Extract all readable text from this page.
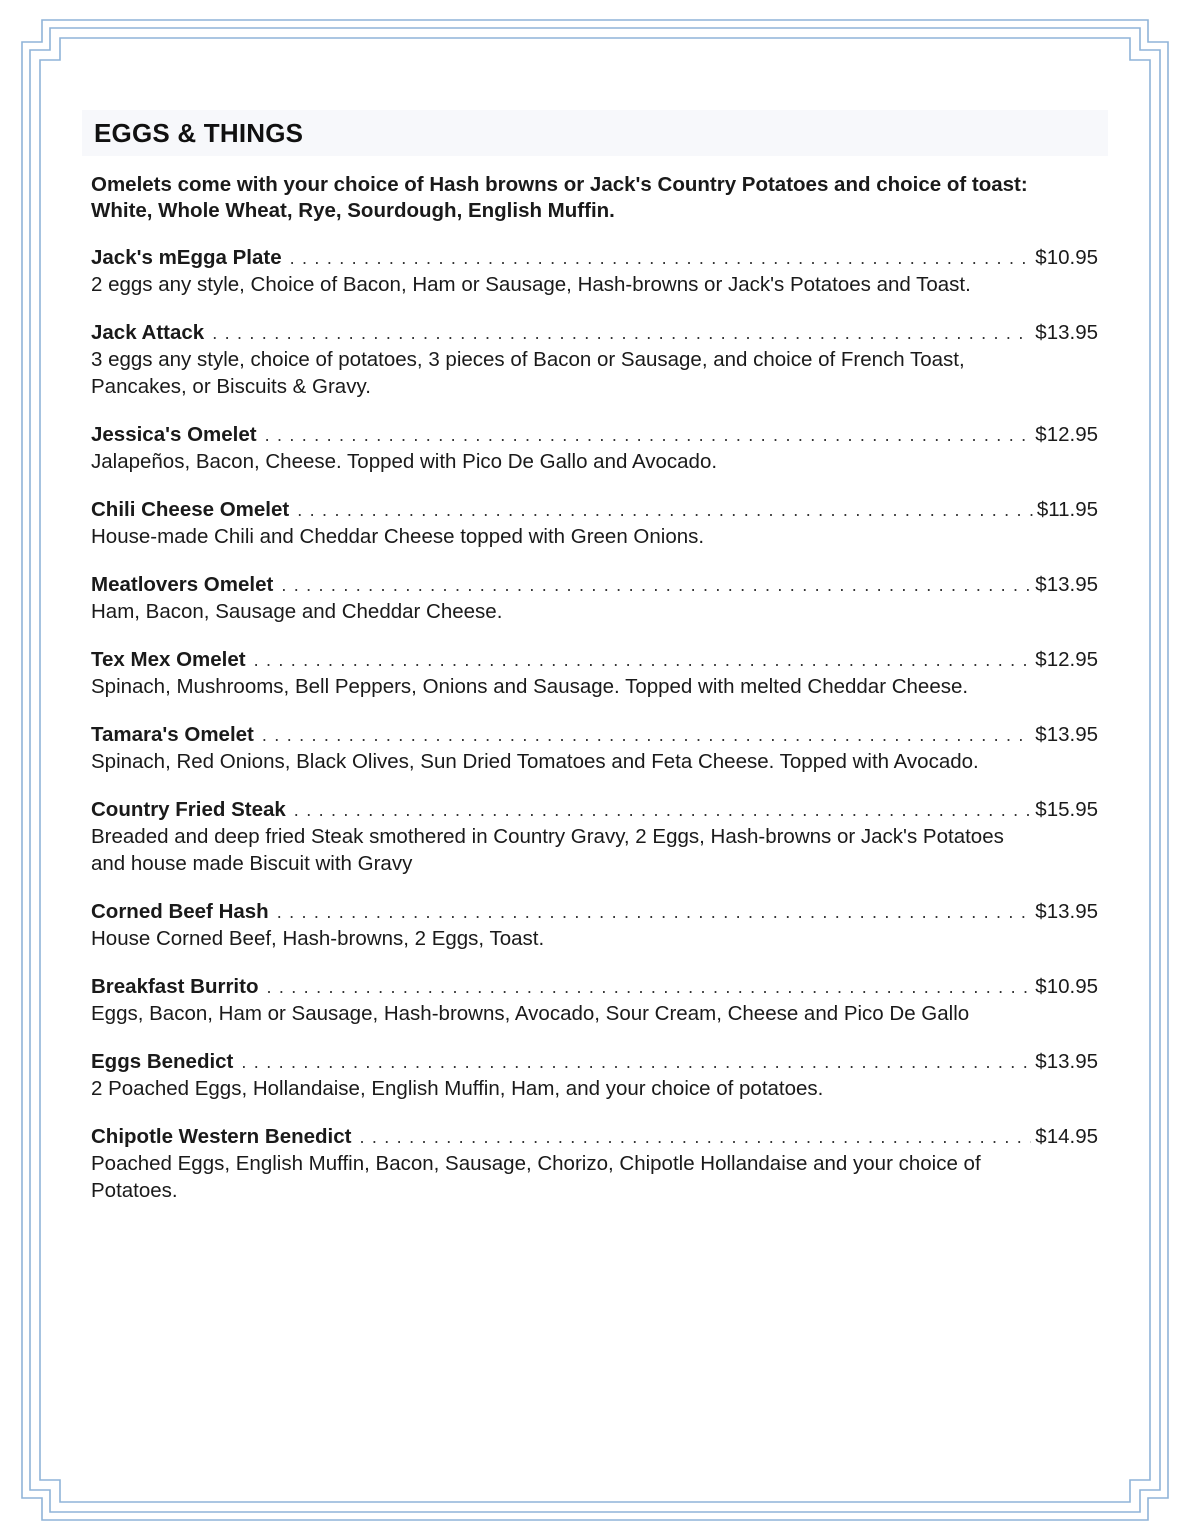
EGGS & THINGS
Omelets come with your choice of Hash browns or Jack's Country Potatoes and choice of toast: White, Whole Wheat, Rye, Sourdough, English Muffin.
Jack's mEgga Plate . . .	$10.95
2 eggs any style, Choice of Bacon, Ham or Sausage, Hash-browns or Jack's Potatoes and Toast.
Jack Attack . . .	$13.95
3 eggs any style, choice of potatoes, 3 pieces of Bacon or Sausage, and choice of French Toast, Pancakes, or Biscuits & Gravy.
Jessica's Omelet . . .	$12.95
Jalapeños, Bacon, Cheese. Topped with Pico De Gallo and Avocado.
Chili Cheese Omelet . . .	$11.95
House-made Chili and Cheddar Cheese topped with Green Onions.
Meatlovers Omelet . . .	$13.95
Ham, Bacon, Sausage and Cheddar Cheese.
Tex Mex Omelet . . .	$12.95
Spinach, Mushrooms, Bell Peppers, Onions and Sausage. Topped with melted Cheddar Cheese.
Tamara's Omelet . . .	$13.95
Spinach, Red Onions, Black Olives, Sun Dried Tomatoes and Feta Cheese. Topped with Avocado.
Country Fried Steak . . .	$15.95
Breaded and deep fried Steak smothered in Country Gravy, 2 Eggs, Hash-browns or Jack's Potatoes and house made Biscuit with Gravy
Corned Beef Hash . . .	$13.95
House Corned Beef, Hash-browns, 2 Eggs, Toast.
Breakfast Burrito . . .	$10.95
Eggs, Bacon, Ham or Sausage, Hash-browns, Avocado, Sour Cream, Cheese and Pico De Gallo
Eggs Benedict . . .	$13.95
2 Poached Eggs, Hollandaise, English Muffin, Ham, and your choice of potatoes.
Chipotle Western Benedict . . .	$14.95
Poached Eggs, English Muffin, Bacon, Sausage, Chorizo, Chipotle Hollandaise and your choice of Potatoes.
